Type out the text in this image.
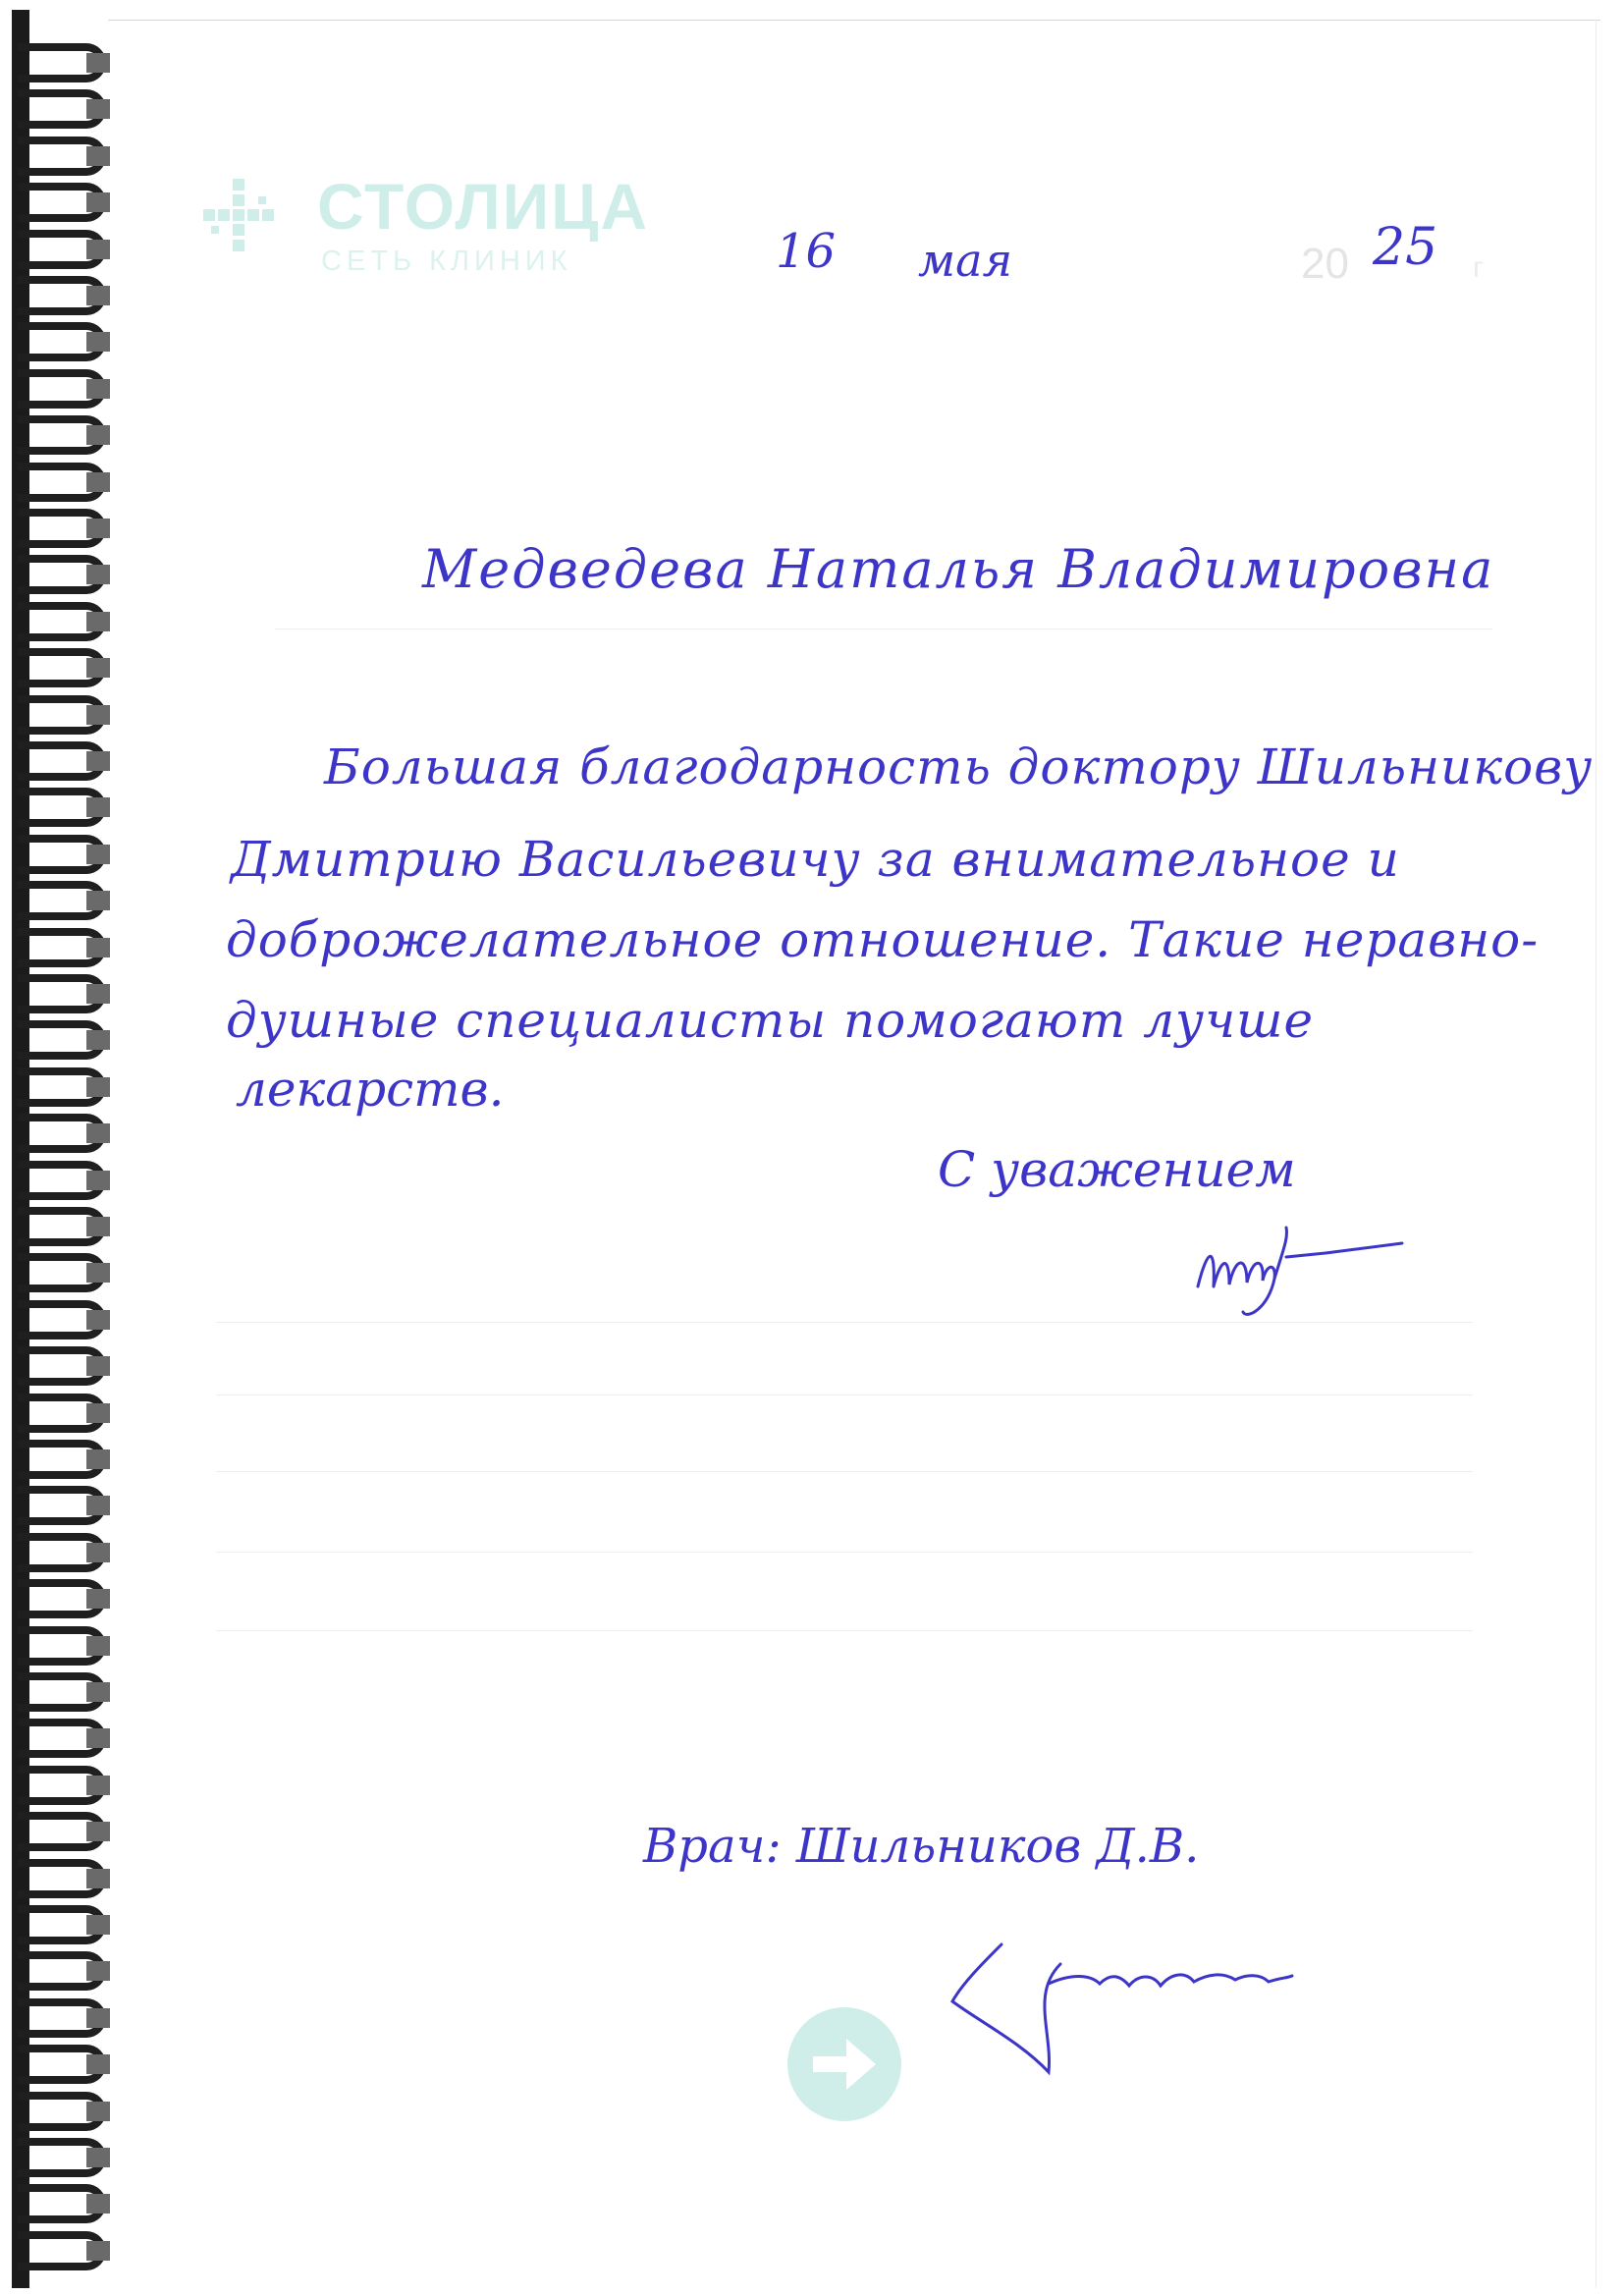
СТОЛИЦА
СЕТЬ КЛИНИК	16 мая	20 25 г
Медведева Наталья Владимировна
Большая благодарность доктору Шильникову
Дмитрию Васильевичу за внимательное и
доброжелательное отношение. Такие неравно-
душные специалисты помогают лучше
лекарств.
С уважением
Врач: Шильников Д.В.
